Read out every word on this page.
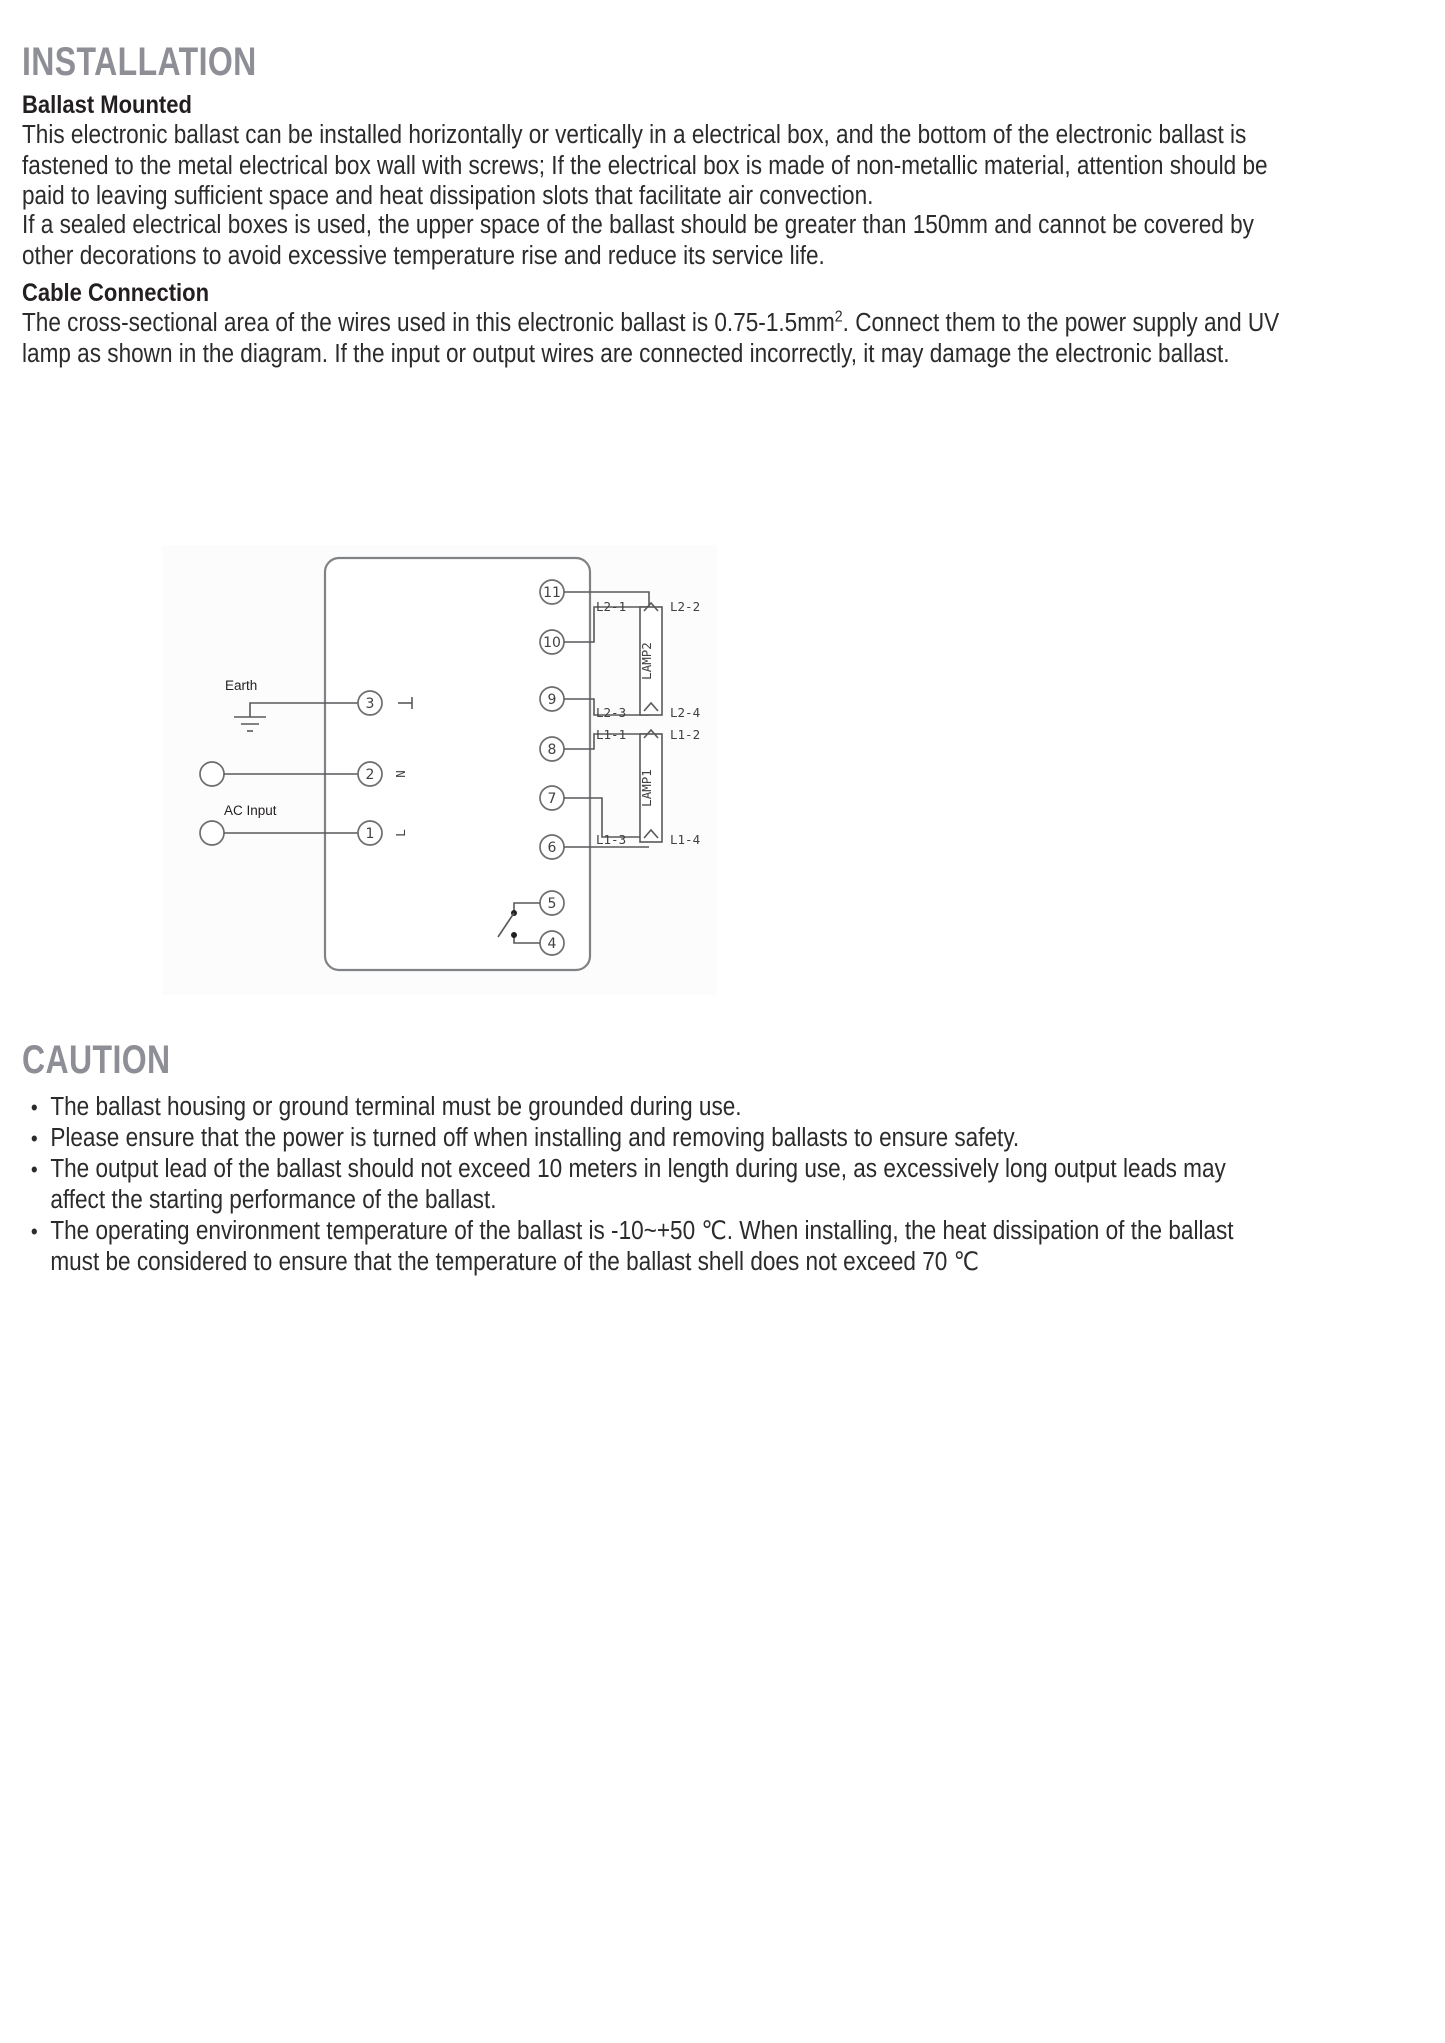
INSTALLATION
Ballast Mounted
This electronic ballast can be installed horizontally or vertically in a electrical box, and the bottom of the electronic ballast is fastened to the metal electrical box wall with screws; If the electrical box is made of non-metallic material, attention should be paid to leaving sufficient space and heat dissipation slots that facilitate air convection.
If a sealed electrical boxes is used, the upper space of the ballast should be greater than 150mm and cannot be covered by other decorations to avoid excessive temperature rise and reduce its service life.
Cable Connection
The cross-sectional area of the wires used in this electronic ballast is $0.75-1.5mm^2$. Connect them to the power supply and UV lamp as shown in the diagram. If the input or output wires are connected incorrectly, it may damage the electronic ballast.
Earth
AC Input
3
2 N
1 L
11
10
9
8
7
6
LAMP2
L2-1	L2-2
L2-3	L2-4
LAMP1
L1-1	L1-2
L1-3	L1-4
5
4
CAUTION
• The ballast housing or ground terminal must be grounded during use.
• Please ensure that the power is turned off when installing and removing ballasts to ensure safety.
• The output lead of the ballast should not exceed 10 meters in length during use, as excessively long output leads may affect the starting performance of the ballast.
• The operating environment temperature of the ballast is -10~+50 ℃. When installing, the heat dissipation of the ballast must be considered to ensure that the temperature of the ballast shell does not exceed 70 ℃
